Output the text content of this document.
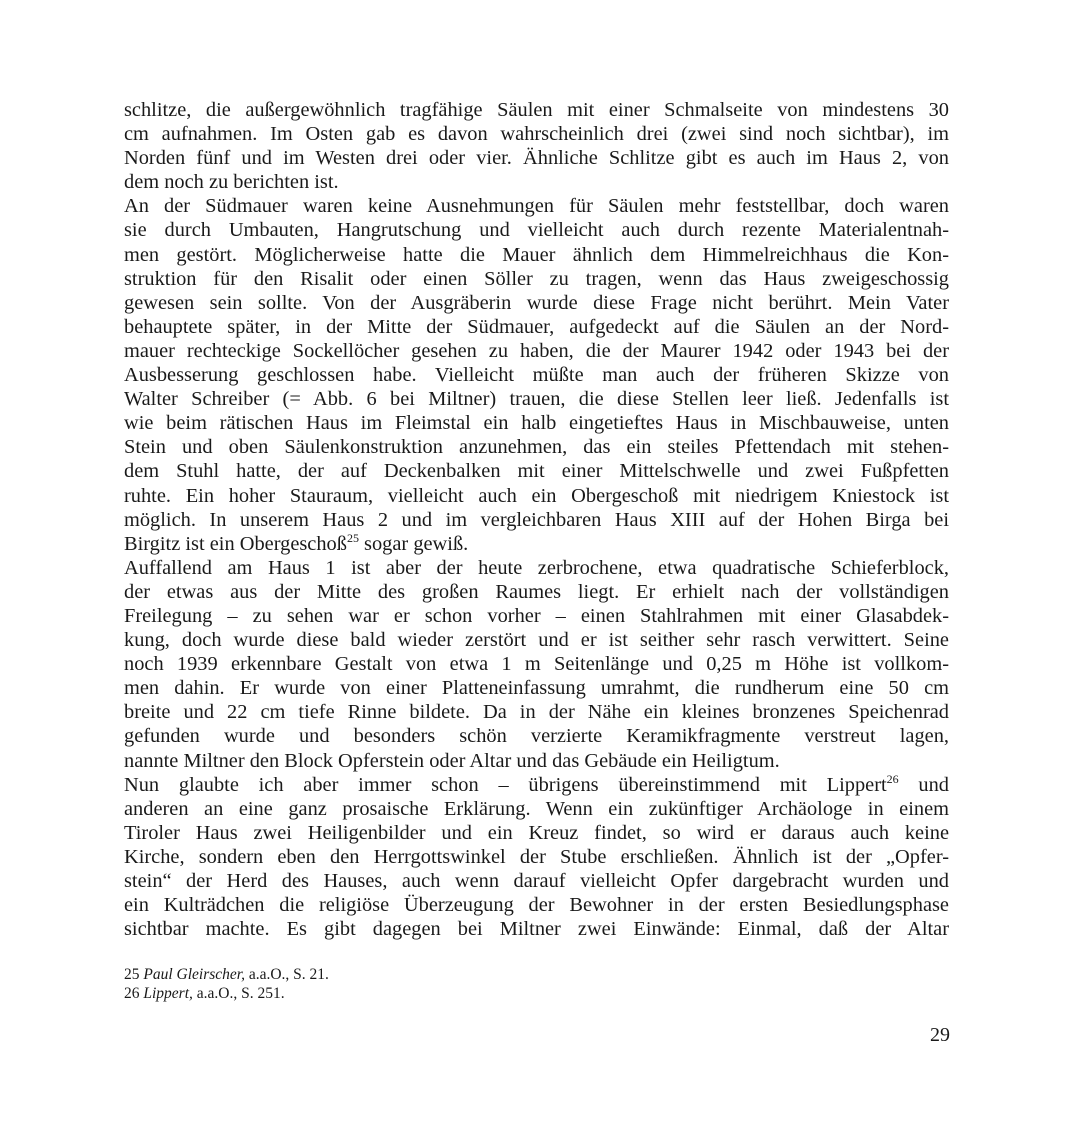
schlitze, die außergewöhnlich tragfähige Säulen mit einer Schmalseite von mindestens 30
cm aufnahmen. Im Osten gab es davon wahrscheinlich drei (zwei sind noch sichtbar), im
Norden fünf und im Westen drei oder vier. Ähnliche Schlitze gibt es auch im Haus 2, von
dem noch zu berichten ist.
An der Südmauer waren keine Ausnehmungen für Säulen mehr feststellbar, doch waren
sie durch Umbauten, Hangrutschung und vielleicht auch durch rezente Materialentnah-
men gestört. Möglicherweise hatte die Mauer ähnlich dem Himmelreichhaus die Kon-
struktion für den Risalit oder einen Söller zu tragen, wenn das Haus zweigeschossig
gewesen sein sollte. Von der Ausgräberin wurde diese Frage nicht berührt. Mein Vater
behauptete später, in der Mitte der Südmauer, aufgedeckt auf die Säulen an der Nord-
mauer rechteckige Sockellöcher gesehen zu haben, die der Maurer 1942 oder 1943 bei der
Ausbesserung geschlossen habe. Vielleicht müßte man auch der früheren Skizze von
Walter Schreiber (= Abb. 6 bei Miltner) trauen, die diese Stellen leer ließ. Jedenfalls ist
wie beim rätischen Haus im Fleimstal ein halb eingetieftes Haus in Mischbauweise, unten
Stein und oben Säulenkonstruktion anzunehmen, das ein steiles Pfettendach mit stehen-
dem Stuhl hatte, der auf Deckenbalken mit einer Mittelschwelle und zwei Fußpfetten
ruhte. Ein hoher Stauraum, vielleicht auch ein Obergeschoß mit niedrigem Kniestock ist
möglich. In unserem Haus 2 und im vergleichbaren Haus XIII auf der Hohen Birga bei
Birgitz ist ein Obergeschoß$^{25}$ sogar gewiß.
Auffallend am Haus 1 ist aber der heute zerbrochene, etwa quadratische Schieferblock,
der etwas aus der Mitte des großen Raumes liegt. Er erhielt nach der vollständigen
Freilegung – zu sehen war er schon vorher – einen Stahlrahmen mit einer Glasabdek-
kung, doch wurde diese bald wieder zerstört und er ist seither sehr rasch verwittert. Seine
noch 1939 erkennbare Gestalt von etwa 1 m Seitenlänge und 0,25 m Höhe ist vollkom-
men dahin. Er wurde von einer Platteneinfassung umrahmt, die rundherum eine 50 cm
breite und 22 cm tiefe Rinne bildete. Da in der Nähe ein kleines bronzenes Speichenrad
gefunden wurde und besonders schön verzierte Keramikfragmente verstreut lagen,
nannte Miltner den Block Opferstein oder Altar und das Gebäude ein Heiligtum.
Nun glaubte ich aber immer schon – übrigens übereinstimmend mit Lippert$^{26}$ und
anderen an eine ganz prosaische Erklärung. Wenn ein zukünftiger Archäologe in einem
Tiroler Haus zwei Heiligenbilder und ein Kreuz findet, so wird er daraus auch keine
Kirche, sondern eben den Herrgottswinkel der Stube erschließen. Ähnlich ist der „Opfer-
stein“ der Herd des Hauses, auch wenn darauf vielleicht Opfer dargebracht wurden und
ein Kulträdchen die religiöse Überzeugung der Bewohner in der ersten Besiedlungsphase
sichtbar machte. Es gibt dagegen bei Miltner zwei Einwände: Einmal, daß der Altar
25 Paul Gleirscher, a.a.O., S. 21.
26 Lippert, a.a.O., S. 251.
29
